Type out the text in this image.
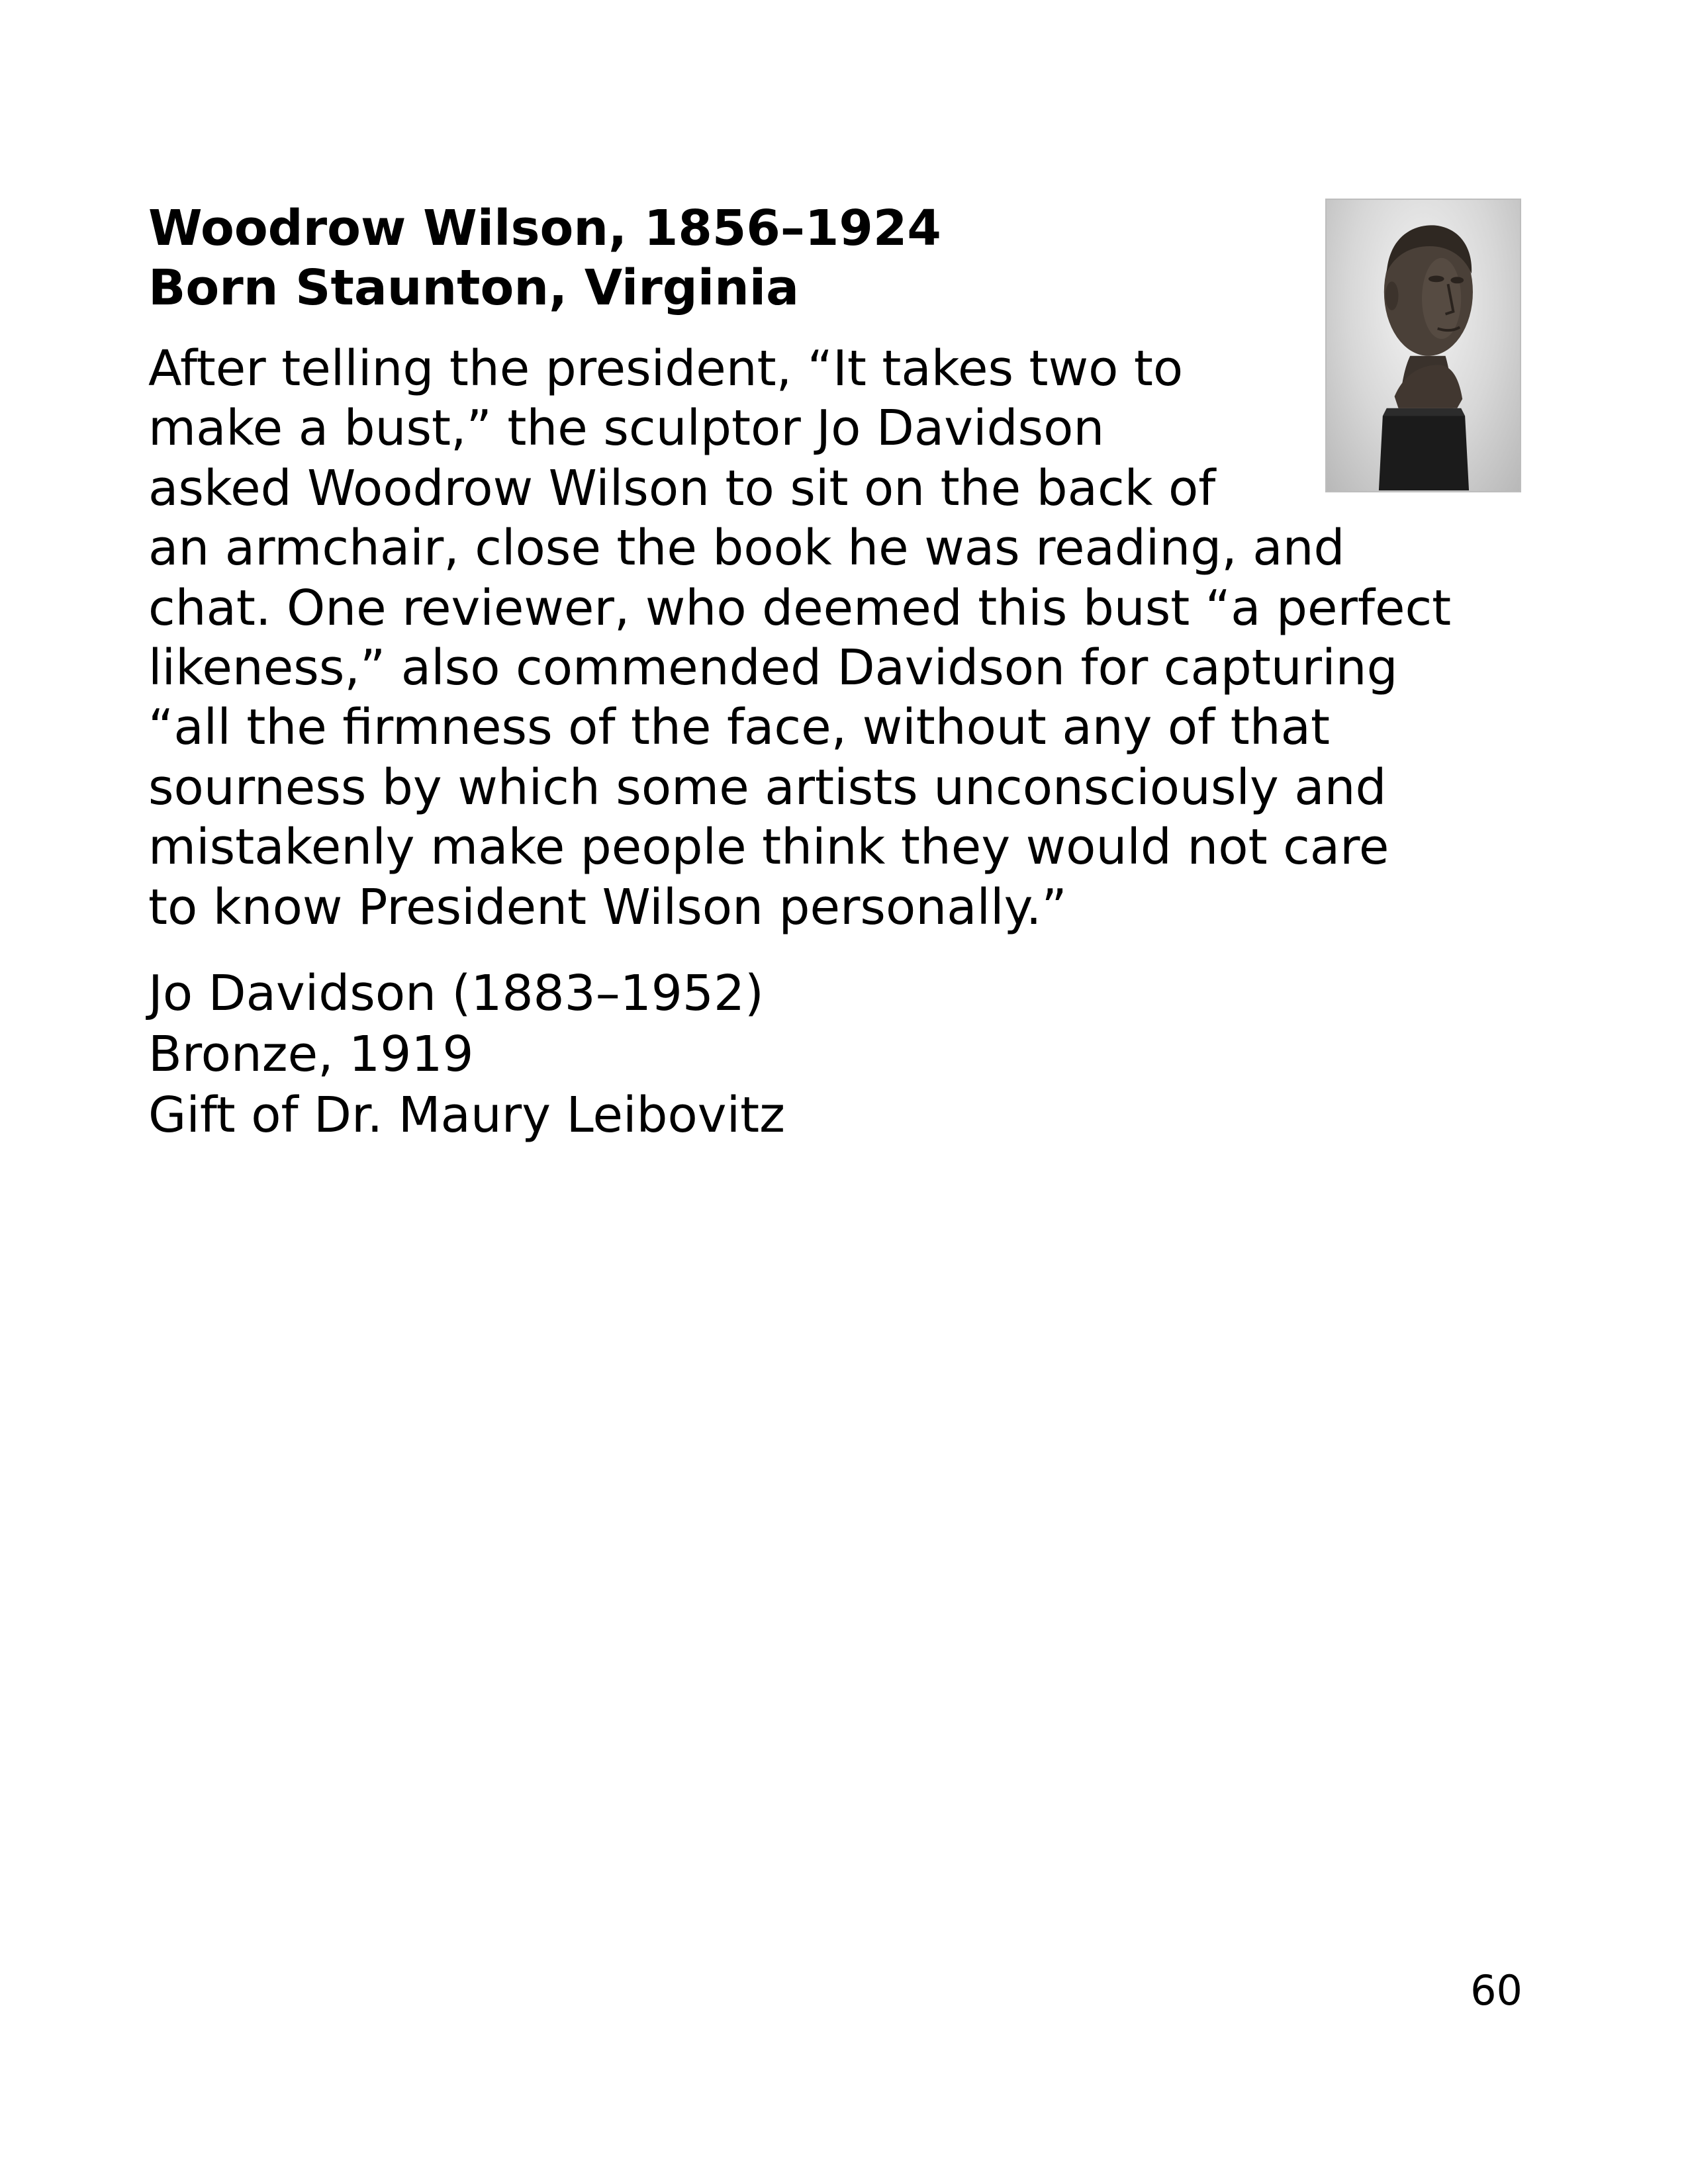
Woodrow Wilson, 1856–1924
Born Staunton, Virginia
After telling the president, “It takes two to
make a bust,” the sculptor Jo Davidson
asked Woodrow Wilson to sit on the back of
an armchair, close the book he was reading, and
chat. One reviewer, who deemed this bust “a perfect
likeness,” also commended Davidson for capturing
“all the firmness of the face, without any of that
sourness by which some artists unconsciously and
mistakenly make people think they would not care
to know President Wilson personally.”
Jo Davidson (1883–1952)
Bronze, 1919
Gift of Dr. Maury Leibovitz
60
